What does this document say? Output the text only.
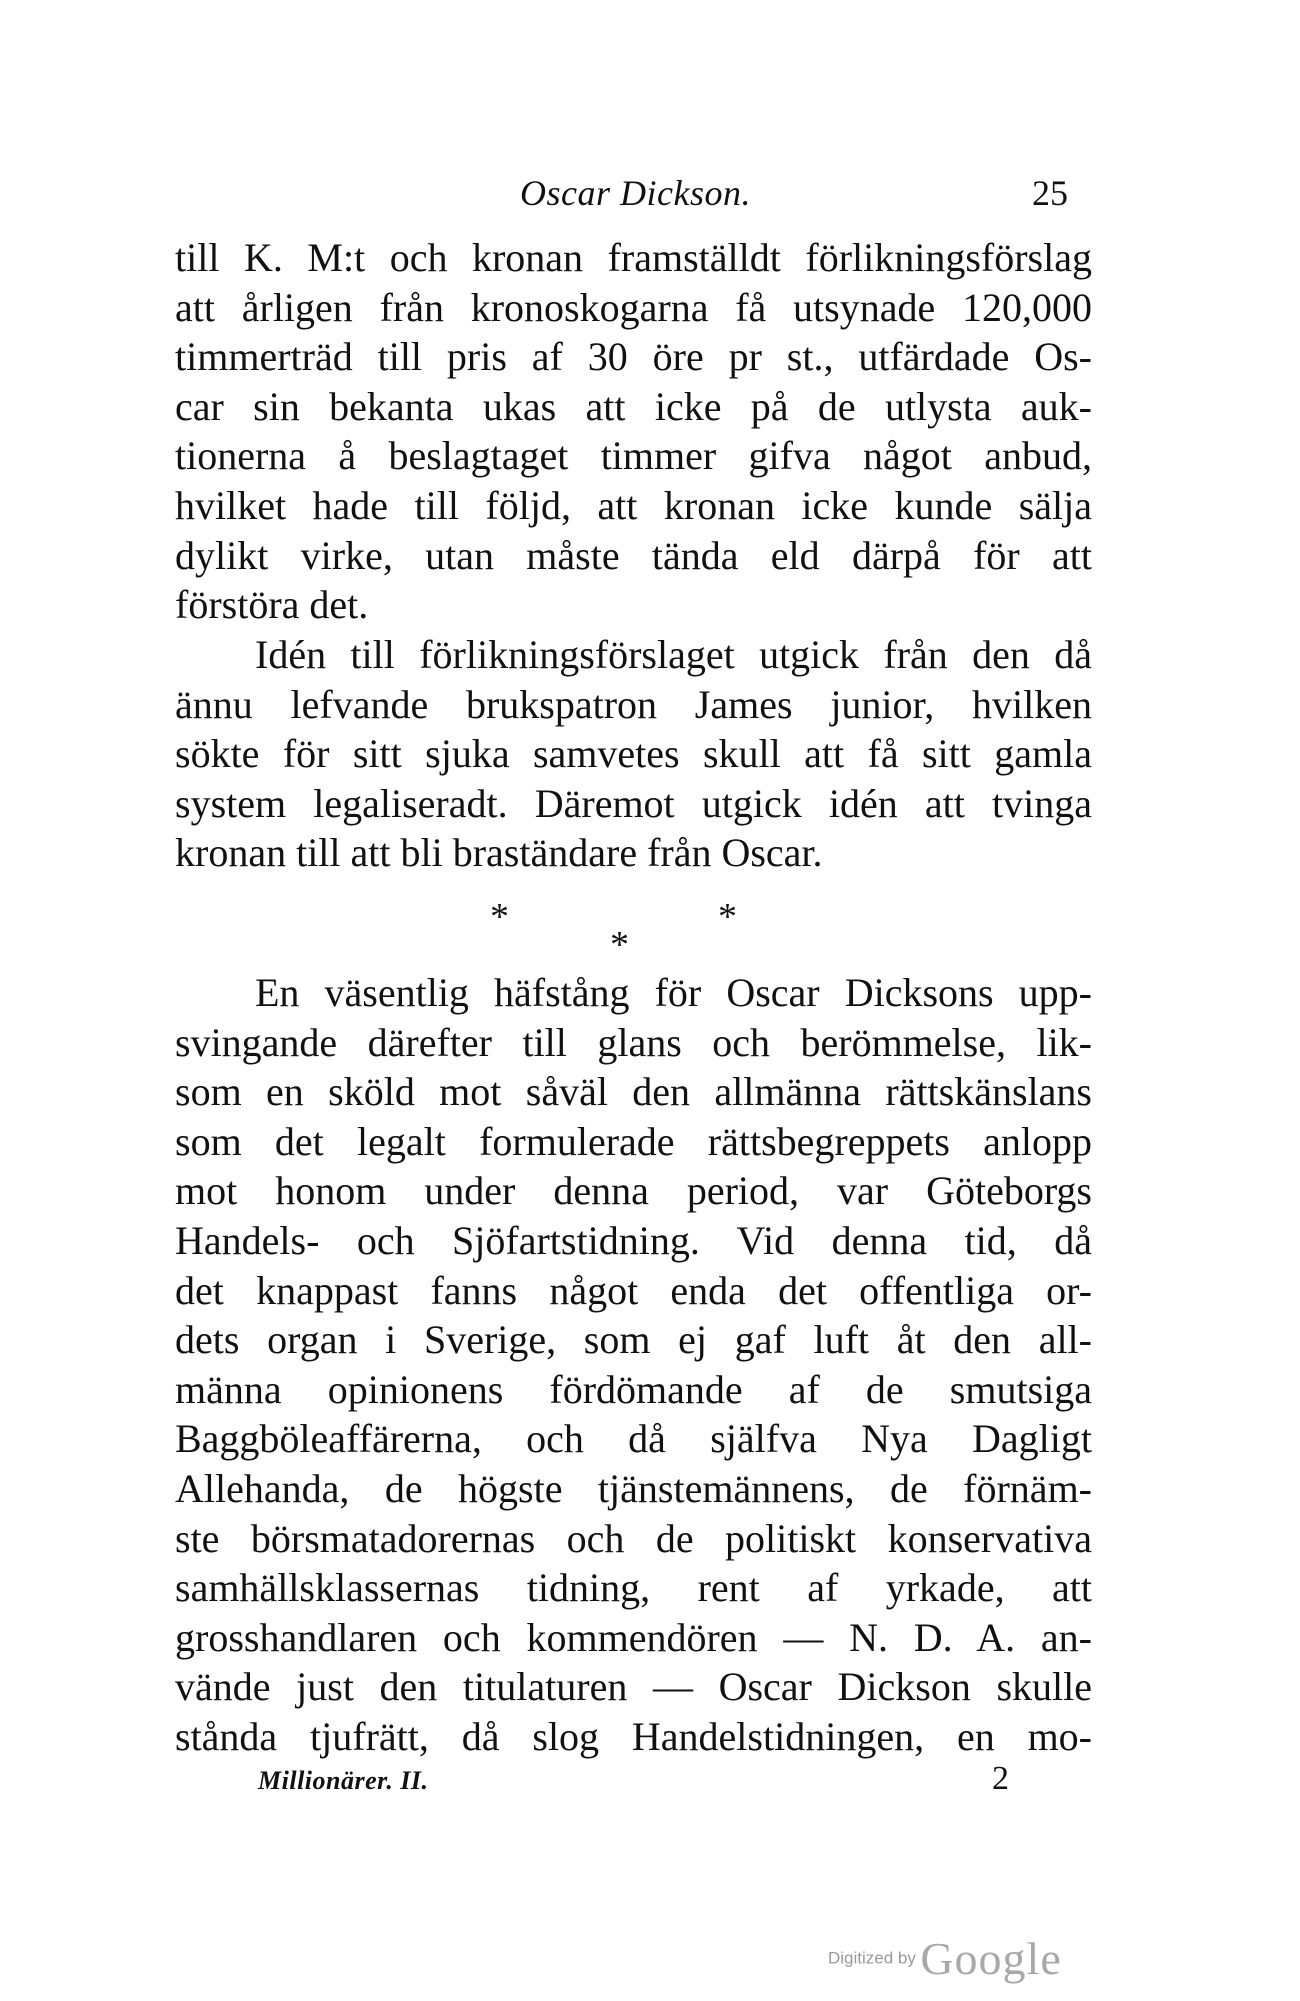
Oscar Dickson.	25
till K. M:t och kronan framställdt förlikningsförslag
att årligen från kronoskogarna få utsynade 120,000
timmerträd till pris af 30 öre pr st., utfärdade Os-
car sin bekanta ukas att icke på de utlysta auk-
tionerna å beslagtaget timmer gifva något anbud,
hvilket hade till följd, att kronan icke kunde sälja
dylikt virke, utan måste tända eld därpå för att
förstöra det.
Idén till förlikningsförslaget utgick från den då
ännu lefvande brukspatron James junior, hvilken
sökte för sitt sjuka samvetes skull att få sitt gamla
system legaliseradt. Däremot utgick idén att tvinga
kronan till att bli braständare från Oscar.
*
*
*
En väsentlig häfstång för Oscar Dicksons upp-
svingande därefter till glans och berömmelse, lik-
som en sköld mot såväl den allmänna rättskänslans
som det legalt formulerade rättsbegreppets anlopp
mot honom under denna period, var Göteborgs
Handels- och Sjöfartstidning. Vid denna tid, då
det knappast fanns något enda det offentliga or-
dets organ i Sverige, som ej gaf luft åt den all-
männa opinionens fördömande af de smutsiga
Baggböleaffärerna, och då själfva Nya Dagligt
Allehanda, de högste tjänstemännens, de förnäm-
ste börsmatadorernas och de politiskt konservativa
samhällsklassernas tidning, rent af yrkade, att
grosshandlaren och kommendören — N. D. A. an-
vände just den titulaturen — Oscar Dickson skulle
stånda tjufrätt, då slog Handelstidningen, en mo-
Millionärer. II.	2
Digitized by Google
